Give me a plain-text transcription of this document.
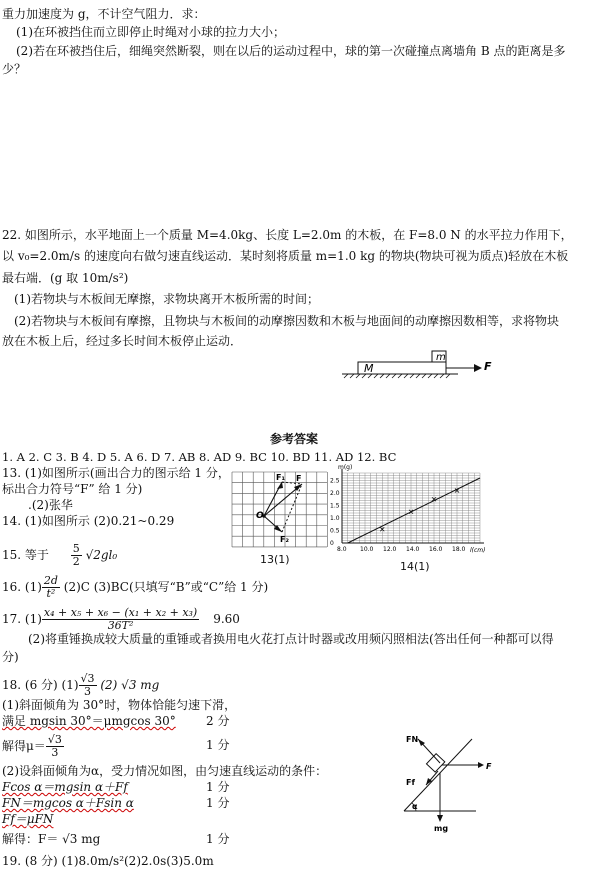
重力加速度为 g，不计空气阻力．求：
(1)在环被挡住而立即停止时绳对小球的拉力大小；
(2)若在环被挡住后，细绳突然断裂，则在以后的运动过程中，球的第一次碰撞点离墙角 B 点的距离是多
少？
22. 如图所示，水平地面上一个质量 M=4.0kg、长度 L=2.0m 的木板，在 F=8.0 N 的水平拉力作用下，
以 v₀=2.0m/s 的速度向右做匀速直线运动．某时刻将质量 m=1.0 kg 的物块(物块可视为质点)轻放在木板
最右端．(g 取 10m/s²)
(1)若物块与木板间无摩擦，求物块离开木板所需的时间；
(2)若物块与木板间有摩擦，且物块与木板间的动摩擦因数和木板与地面间的动摩擦因数相等，求将物块
放在木板上后，经过多长时间木板停止运动．
M
m
F
参考答案
1. A 2. C 3. B 4. D 5. A 6. D 7. AB 8. AD 9. BC 10. BD 11. AD 12. BC
13. (1)如图所示(画出合力的图示给 1 分，
标出合力符号“F” 给 1 分)
.(2)张华
14. (1)如图所示 (2)0.21~0.29
15. 等于 $\frac{5}{2} √2gl_0$
16. $(1) \frac{2d}{\text{t²}} (2)C$ (3)BC(只填写“B”或“C”给 1 分)
17. $(1) \frac{\text{x₄ + x₅ + x₆ − (x₁ + x₂ + x₃)}}{\text{36T²}} 9.60$
(2)将重锤换成较大质量的重锤或者换用电火花打点计时器或改用频闪照相法(答出任何一种都可以得
分)
18. (6 分) $(1) \frac{√3}{3} (2)$ √3 mg
(1)斜面倾角为 30°时，物体恰能匀速下滑，
满足 mgsin 30°＝μmgcos 30°	2 分
解得$\mu= \frac{√3}{3}$	1 分
(2)设斜面倾角为α，受力情况如图，由匀速直线运动的条件：
Fcos α＝mgsin α＋Ff	1 分
FN＝mgcos α＋Fsin α	1 分
Ff＝μFN
解得：F＝ √3 mg	1 分
19. (8 分) (1)8.0m/s²(2)2.0s(3)5.0m
F₁ F
F₂
O
13(1)
m(g)
l(cm)
8.0 10.0 12.0 14.0 16.0 18.0
0
0.5
1.0
1.5
2.0
2.5
14(1)
FN
Ff
F
α
mg
